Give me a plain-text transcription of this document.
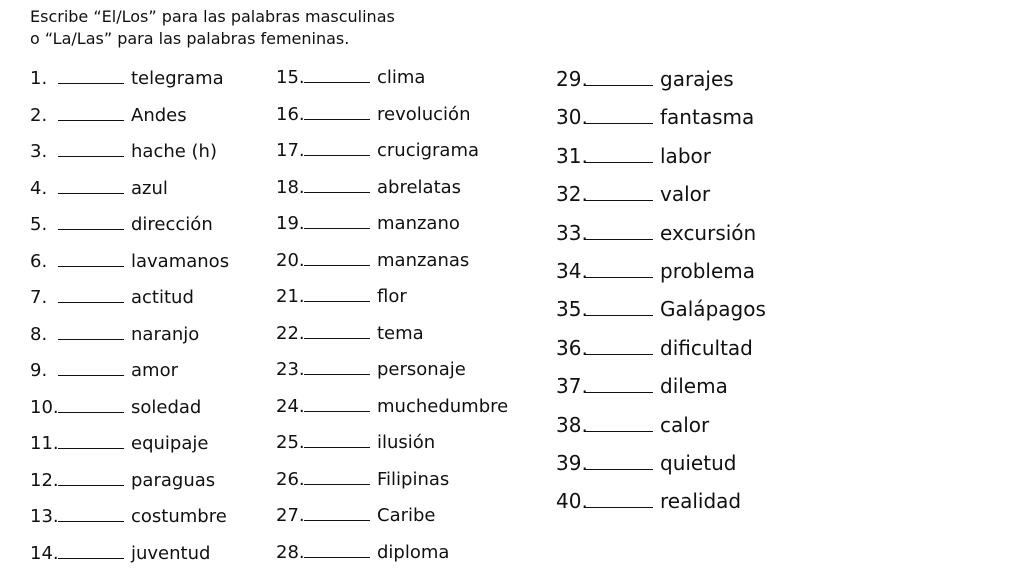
Escribe “El/Los” para las palabras masculinas
o “La/Las” para las palabras femeninas.
1.	telegrama
2.	Andes
3.	hache (h)
4.	azul
5.	dirección
6.	lavamanos
7.	actitud
8.	naranjo
9.	amor
10.	soledad
11.	equipaje
12.	paraguas
13.	costumbre
14.	juventud
15.	clima
16.	revolución
17.	crucigrama
18.	abrelatas
19.	manzano
20.	manzanas
21.	flor
22.	tema
23.	personaje
24.	muchedumbre
25.	ilusión
26.	Filipinas
27.	Caribe
28.	diploma
29.	garajes
30.	fantasma
31.	labor
32.	valor
33.	excursión
34.	problema
35.	Galápagos
36.	dificultad
37.	dilema
38.	calor
39.	quietud
40.	realidad
